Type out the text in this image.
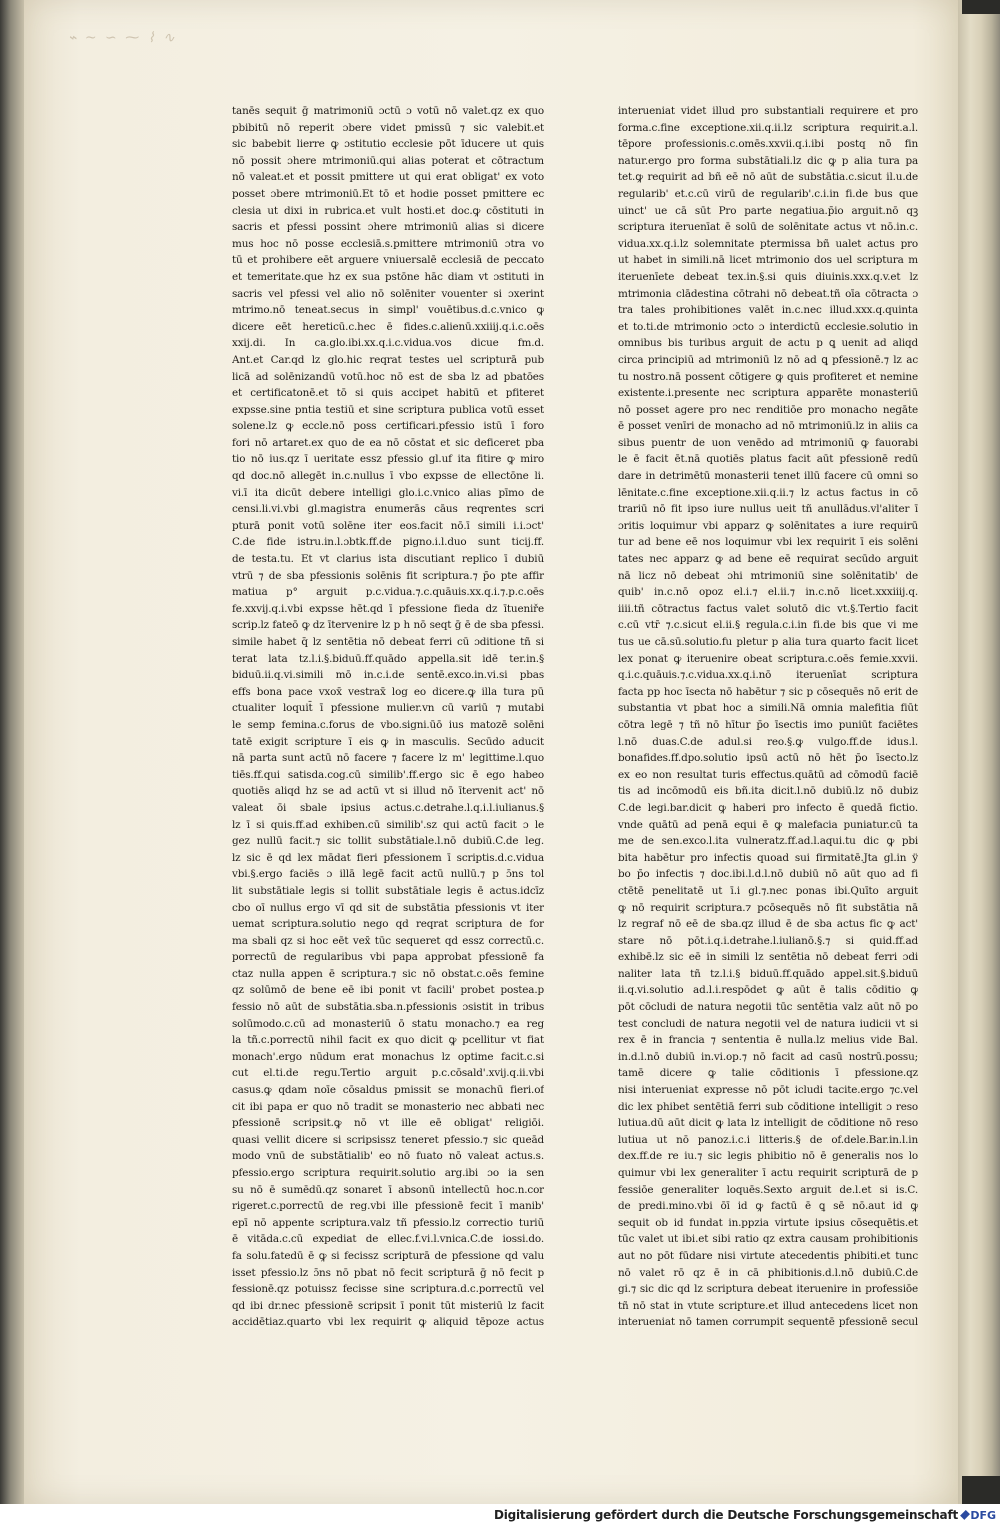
⌁ ~ ∽ ⁓ ⌇ ∿
tanēs sequit ḡ matrimoniū ɔctū ɔ votū nō valet.qz ex quo
pbibitū nō reperit ɔbere videt pmissū ⁊ sic valebit.et
sic babebit lierre ꝙ ɔstitutio ecclesie pōt īducere ut quis
nō possit ɔhere mtrimoniū.qui alias poterat et cōtractum
nō valeat.et et possit pmittere ut qui erat obligat' ex voto
posset ɔbere mtrimoniū.Et tō et hodie posset pmittere ec
clesia ut dixi in rubrica.et vult hosti.et doc.ꝙ cōstituti in
sacris et pfessi possint ɔhere mtrimoniū alias si dicere
mus hoc nō posse ecclesiā.s.pmittere mtrimoniū ɔtra vo
tū et prohibere eēt arguere vniuersalē ecclesiā de peccato
et temeritate.que hz ex sua pstōne hāc diam vt ɔstituti in
sacris vel pfessi vel alio nō solēniter vouenter si ɔxerint
mtrimo.nō teneat.secus in simpl' vouētibus.d.c.vnico ꝙ
dicere eēt hereticū.c.hec ē fides.c.alienū.xxiiij.q.i.c.oēs
xxij.di. In ca.glo.ibi.xx.q.i.c.vidua.vos dicue fm.d.
Ant.et Car.qd lz glo.hic reqrat testes uel scripturā pub
licā ad solēnizandū votū.hoc nō est de sba lz ad pbatōes
et certificatonē.et tō si quis accipet habitū et pfiteret
expsse.sine pntia testiū et sine scriptura publica votū esset
solene.lz ꝙ eccle.nō poss certificari.pfessio istū ī foro
fori nō artaret.ex quo de ea nō cōstat et sic deficeret pba
tio nō ius.qz ī ueritate essz pfessio gl.uf ita fitire ꝙ miro
qd doc.nō allegēt in.c.nullus ī vbo expsse de ellectōne li.
vi.ī ita dicūt debere intelligi glo.i.c.vnico alias pīmo de
censi.li.vi.vbi gl.magistra enumerās cāus reqrentes scri
pturā ponit votū solēne iter eos.facit nō.ī simili i.i.ɔct'
C.de fide istru.in.l.ɔbtk.ff.de pigno.i.l.duo sunt ticij.ff.
de testa.tu. Et vt clarius ista discutiant replico ī dubiū
vtrū ⁊ de sba pfessionis solēnis fit scriptura.⁊ p̄o pte affir
matiua p° arguit p.c.vidua.⁊.c.quāuis.xx.q.i.⁊.p.c.oēs
fe.xxvij.q.i.vbi expsse hēt.qd ī pfessione fieda dz ītueniře
scrip.lz fateō ꝙ dz ītervenire lz p h nō seqt ḡ ē de sba pfessi.
simile habet q̄ lz sentētia nō debeat ferri cū ɔditione tñ si
terat lata tz.l.i.§.biduū.ff.quādo appella.sit idē ter.in.§
biduū.ii.q.vi.simili mō in.c.i.de sentē.exco.in.vi.si pbas
effs bona pace vxox̄ vestrax̄ log eo dicere.ꝙ illa tura pū
ctualiter loquit̄ ī pfessione mulier.vn cū variū ⁊ mutabi
le semp femina.c.forus de vbo.signi.ūō ius matozē solēni
tatē exigit scripture ī eis ꝙ in masculis. Secūdo aducit
nā parta sunt actū nō facere ⁊ facere lz m' legittime.l.quo
tiēs.ff.qui satisda.cog.cū similib'.ff.ergo sic ē ego habeo
quotiēs aliqd hz se ad actū vt si illud nō ītervenit act' nō
valeat ōi sbale ipsius actus.c.detrahe.l.q.i.l.iulianus.§
lz ī si quis.ff.ad exhiben.cū similib'.sz qui actū facit ɔ le
gez nullū facit.⁊ sic tollit substātiale.l.nō dubiū.C.de leg.
lz sic ē qd lex mādat fieri pfessionem ī scriptis.d.c.vidua
vbi.§.ergo faciēs ɔ illā legē facit actū nullū.⁊ p ɔ̄ns tol
lit substātiale legis si tollit substātiale legis ē actus.idcīz
cbo oī nullus ergo vī qd sit de substātia pfessionis vt iter
uemat scriptura.solutio nego qd reqrat scriptura de for
ma sbali qz si hoc eēt vex̄ tūc sequeret qd essz correctū.c.
porrectū de regularibus vbi papa approbat pfessionē fa
ctaz nulla appen ē scriptura.⁊ sic nō obstat.c.oēs femine
qz solūmō de bene eē ibi ponit vt facili' probet postea.p
fessio nō aūt de substātia.sba.n.pfessionis ɔsistit in tribus
solūmodo.c.cū ad monasteriū ō statu monacho.⁊ ea reg
la tñ.c.porrectū nihil facit ex quo dicit ꝙ pcellitur vt fiat
monach'.ergo nūdum erat monachus lz optime facit.c.si
cut el.ti.de regu.Tertio arguit p.c.cōsald'.xvij.q.ii.vbi
casus.ꝙ qdam noīe cōsaldus pmissit se monachū fieri.of
cit ibi papa er quo nō tradit se monasterio nec abbati nec
pfessionē scripsit.ꝙ nō vt ille eē obligat' religiōi.
quasi vellit dicere si scripsissz teneret pfessio.⁊ sic queād
modo vnū de substātialib' eo nō fuato nō valeat actus.s.
pfessio.ergo scriptura requirit.solutio arg.ibi ɔo ia sen
su nō ē sumēdū.qz sonaret ī absonū intellectū hoc.n.cor
rigeret.c.porrectū de reg.vbi ille pfessionē fecit ī manib'
epī nō appente scriptura.valz tñ pfessio.lz correctio turiū
ē vitāda.c.cū expediat de ellec.f.vi.l.vnica.C.de iossi.do.
fa solu.fatedū ē ꝙ si fecissz scripturā de pfessione qd valu
isset pfessio.lz ɔ̄ns nō pbat nō fecit scripturā ḡ nō fecit p
fessionē.qz potuissz fecisse sine scriptura.d.c.porrectū vel
qd ibi dr.nec pfessionē scripsit ī ponit tūt misteriū lz facit
accidētiaz.quarto vbi lex requirit ꝙ aliquid tēpoze actus
interueniat videt illud pro substantiali requirere et pro
forma.c.fine exceptione.xii.q.ii.lz scriptura requirit.a.l.
tēpore professionis.c.omēs.xxvii.q.i.ibi postq nō fin
natur.ergo pro forma substātiali.lz dic ꝙ p alia tura pa
tet.ꝙ requirit ad bñ eē nō aūt de substātia.c.sicut il.u.de
regularib' et.c.cū virū de regularib'.c.i.in fi.de bus que
uinct' ue cā sūt Pro parte negatiua.p̄io arguit.nō qꝫ
scriptura iteruenīat ē solū de solēnitate actus vt nō.in.c.
vidua.xx.q.i.lz solemnitate ptermissa bñ ualet actus pro
ut habet in simili.nā licet mtrimonio dos uel scriptura m
iteruenīete debeat tex.in.§.si quis diuinis.xxx.q.v.et lz
mtrimonia clādestina cōtrahi nō debeat.tñ oīa cōtracta ɔ
tra tales prohibitiones valēt in.c.nec illud.xxx.q.quinta
et to.ti.de mtrimonio ɔcto ɔ interdictū ecclesie.solutio in
omnibus bis turibus arguit de actu p ꝗ uenit ad aliqd
circa principiū ad mtrimoniū lz nō ad ꝗ pfessionē.⁊ lz ac
tu nostro.nā possent cōtigere ꝙ quis profiteret et nemine
existente.i.presente nec scriptura apparēte monasteriū
nō posset agere pro nec renditiōe pro monacho negāte
ē posset venīri de monacho ad nō mtrimoniū.lz in aliis ca
sibus puentr de uon venēdo ad mtrimoniū ꝙ fauorabi
le ē facit ēt.nā quotiēs platus facit aūt pfessionē redū
dare in detrimētū monasterii tenet illū facere cū omni so
lēnitate.c.fine exceptione.xii.q.ii.⁊ lz actus factus in cō
trariū nō fit ipso iure nullus ueit tñ anullādus.vl'aliter ī
ɔritis loquimur vbi apparz ꝙ solēnitates a iure requirū
tur ad bene eē nos loquimur vbi lex requirit ī eis solēni
tates nec apparz ꝙ ad bene eē requirat secūdo arguit
nā licz nō debeat ɔhi mtrimoniū sine solēnitatib' de
quib' in.c.nō opoz el.i.⁊ el.ii.⁊ in.c.nō licet.xxxiiij.q.
iiii.tñ cōtractus factus valet solutō dic vt.§.Tertio facit
c.cū vtr̄ ⁊.c.sicut el.ii.§ regula.c.i.in fi.de bis que vi me
tus ue cā.sū.solutio.fu pletur p alia tura quarto facit licet
lex ponat ꝙ iteruenire obeat scriptura.c.oēs femie.xxvii.
q.i.c.quāuis.⁊.c.vidua.xx.q.i.nō iteruenīat scriptura
facta pp hoc īsecta nō habētur ⁊ sic p cōsequēs nō erit de
substantia vt pbat hoc a simili.Nā omnia malefitia fiūt
cōtra legē ⁊ tñ nō hītur p̄o īsectis imo puniūt faciētes
l.nō duas.C.de adul.si reo.§.ꝙ vulgo.ff.de idus.l.
bonafides.ff.dpo.solutio ipsū actū nō hēt p̄o īsecto.lz
ex eo non resultat turis effectus.quātū ad cōmodū faciē
tis ad incōmodū eis bñ.ita dicit.l.nō dubiū.lz nō dubiz
C.de legi.bar.dicit ꝙ haberi pro infecto ē quedā fictio.
vnde quātū ad penā equi ē ꝙ malefacia puniatur.cū ta
me de sen.exco.l.ita vulneratz.ff.ad.l.aqui.tu dic ꝙ pbi
bita habētur pro infectis quoad sui firmitatē.Jta gl.in ÿ
bo p̄o infectis ⁊ doc.ibi.l.d.l.nō dubiū nō aūt quo ad fi
ctētē penelitatē ut ī.i gl.⁊.nec ponas ibi.Quīto arguit
ꝙ nō requirit scriptura.⁊ pcōsequēs nō fit substātia nā
lz regraf nō eē de sba.qz illud ē de sba actus fic ꝙ act'
stare nō pōt.i.q.i.detrahe.l.iulianō.§.⁊ si quid.ff.ad
exhibē.lz sic eē in simili lz sentētia nō debeat ferri ɔdi
naliter lata tñ tz.l.i.§ biduū.ff.quādo appel.sit.§.biduū
ii.q.vi.solutio ad.l.i.respōdet ꝙ aūt ē talis cōditio ꝙ
pōt cōcludi de natura negotii tūc sentētia valz aūt nō po
test concludi de natura negotii vel de natura iudicii vt si
rex ē in francia ⁊ sententia ē nulla.lz melius vide Bal.
in.d.l.nō dubiū in.vi.op.⁊ nō facit ad casū nostrū.possu;
tamē dicere ꝙ talie cōditionis ī pfessione.qz
nisi interueniat expresse nō pōt icludi tacite.ergo ⁊c.vel
dic lex phibet sentētiā ferri sub cōditione intelligit ɔ reso
lutiua.dū aūt dicit ꝙ lata lz intelligit de cōditione nō reso
lutiua ut nō panoz.i.c.i litteris.§ de of.dele.Bar.in.l.in
dex.ff.de re iu.⁊ sic legis phibitio nō ē generalis nos lo
quimur vbi lex generaliter ī actu requirit scripturā de p
fessiōe generaliter loquēs.Sexto arguit de.l.et si is.C.
de predi.mino.vbi ōī id ꝙ factū ē ꝗ sē nō.aut id ꝙ
sequit ob id fundat in.ppzia virtute ipsius cōsequētis.et
tūc valet ut ibi.et sibi ratio qz extra causam prohibitionis
aut no pōt fūdare nisi virtute atecedentis phibiti.et tunc
nō valet rō qz ē in cā phibitionis.d.l.nō dubiū.C.de
gi.⁊ sic dic qd lz scriptura debeat iteruenire in professiōe
tñ nō stat in vtute scripture.et illud antecedens licet non
interueniat nō tamen corrumpit sequentē pfessionē secul
Digitalisierung gefördert durch die Deutsche Forschungsgemeinschaft DFG
